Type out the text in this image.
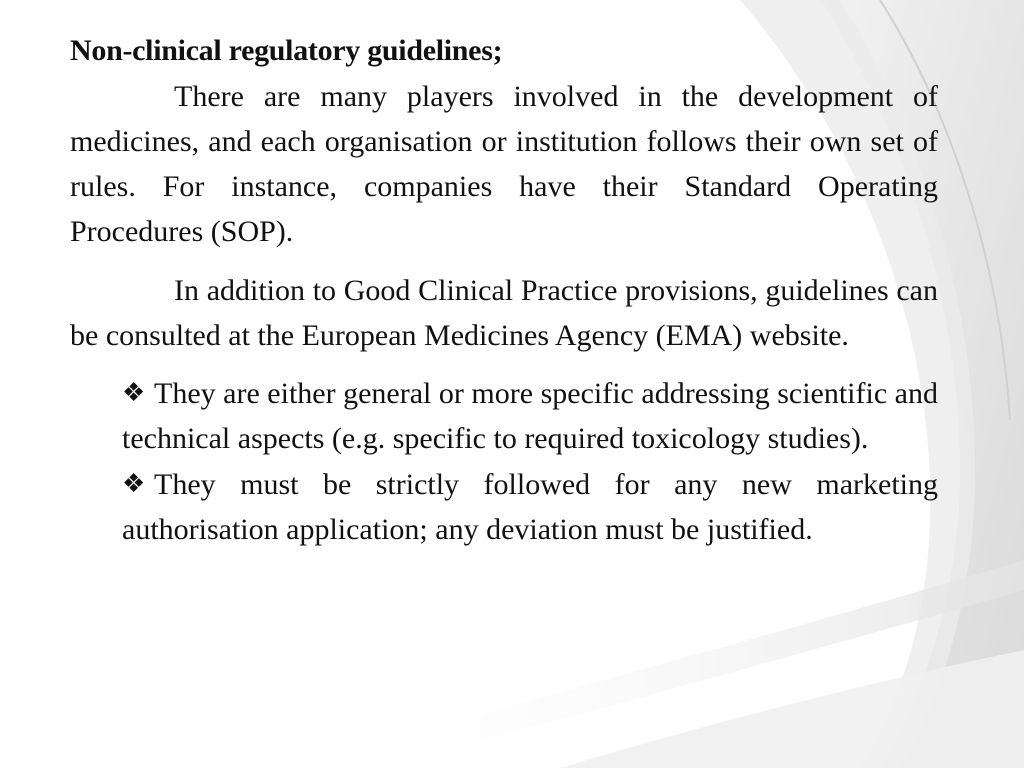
Non-clinical regulatory guidelines;

There are many players involved in the development of medicines, and each organisation or institution follows their own set of rules. For instance, companies have their Standard Operating Procedures (SOP).

In addition to Good Clinical Practice provisions, guidelines can be consulted at the European Medicines Agency (EMA) website.

❖ They are either general or more specific addressing scientific and technical aspects (e.g. specific to required toxicology studies).
❖ They must be strictly followed for any new marketing authorisation application; any deviation must be justified.
